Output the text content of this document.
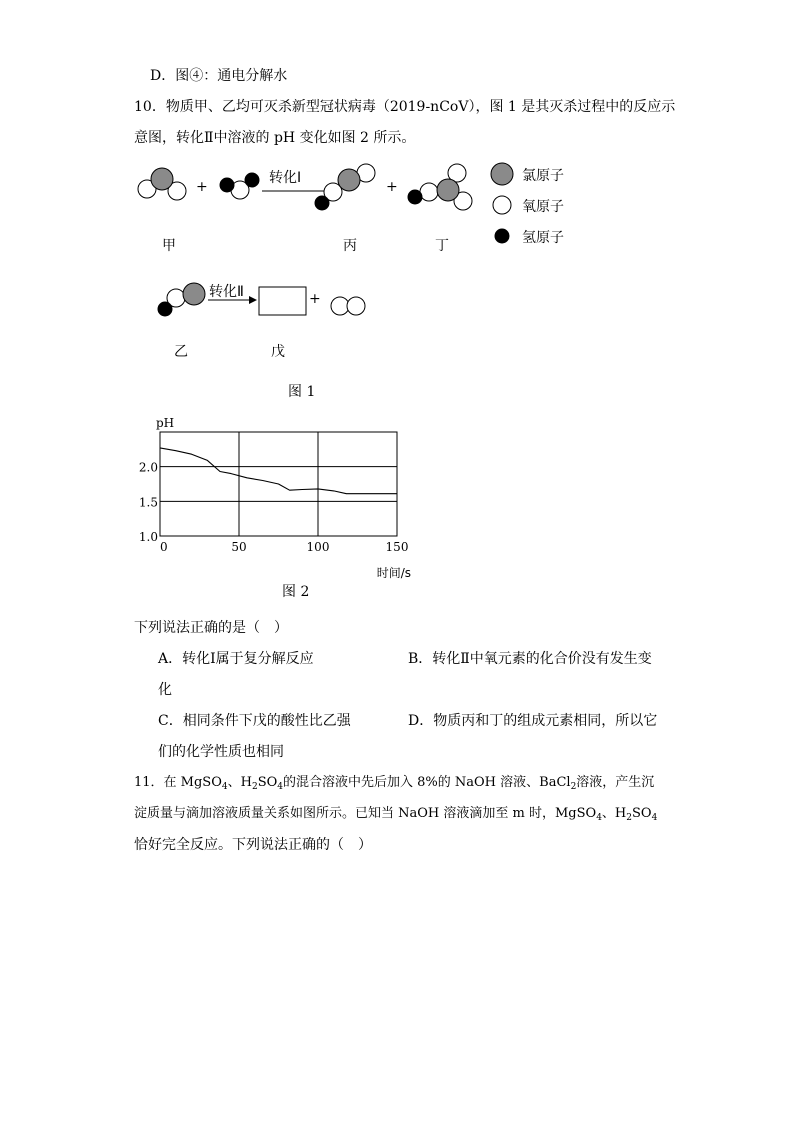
D．图④：通电分解水
10．物质甲、乙均可灭杀新型冠状病毒（2019-nCoV），图 1 是其灭杀过程中的反应示
意图，转化Ⅱ中溶液的 pH 变化如图 2 所示。
+
转化Ⅰ
+
氯原子
氧原子
氢原子
甲	丙	丁
转化Ⅱ	+
乙	戊
图 1
0	50	100	150
1.0
1.5
2.0
pH
时间/s
图 2
下列说法正确的是（　）
A．转化Ⅰ属于复分解反应	B．转化Ⅱ中氧元素的化合价没有发生变
化
C．相同条件下戊的酸性比乙强	D．物质丙和丁的组成元素相同，所以它
们的化学性质也相同
11．在 MgSO$_4$、$H_2SO_4$的混合溶液中先后加入 8%的 NaOH 溶液、BaCl$_2$溶液，产生沉
淀质量与滴加溶液质量关系如图所示。已知当 NaOH 溶液滴加至 m 时，MgSO$_4$、$H_2SO_4$
恰好完全反应。下列说法正确的（　）
